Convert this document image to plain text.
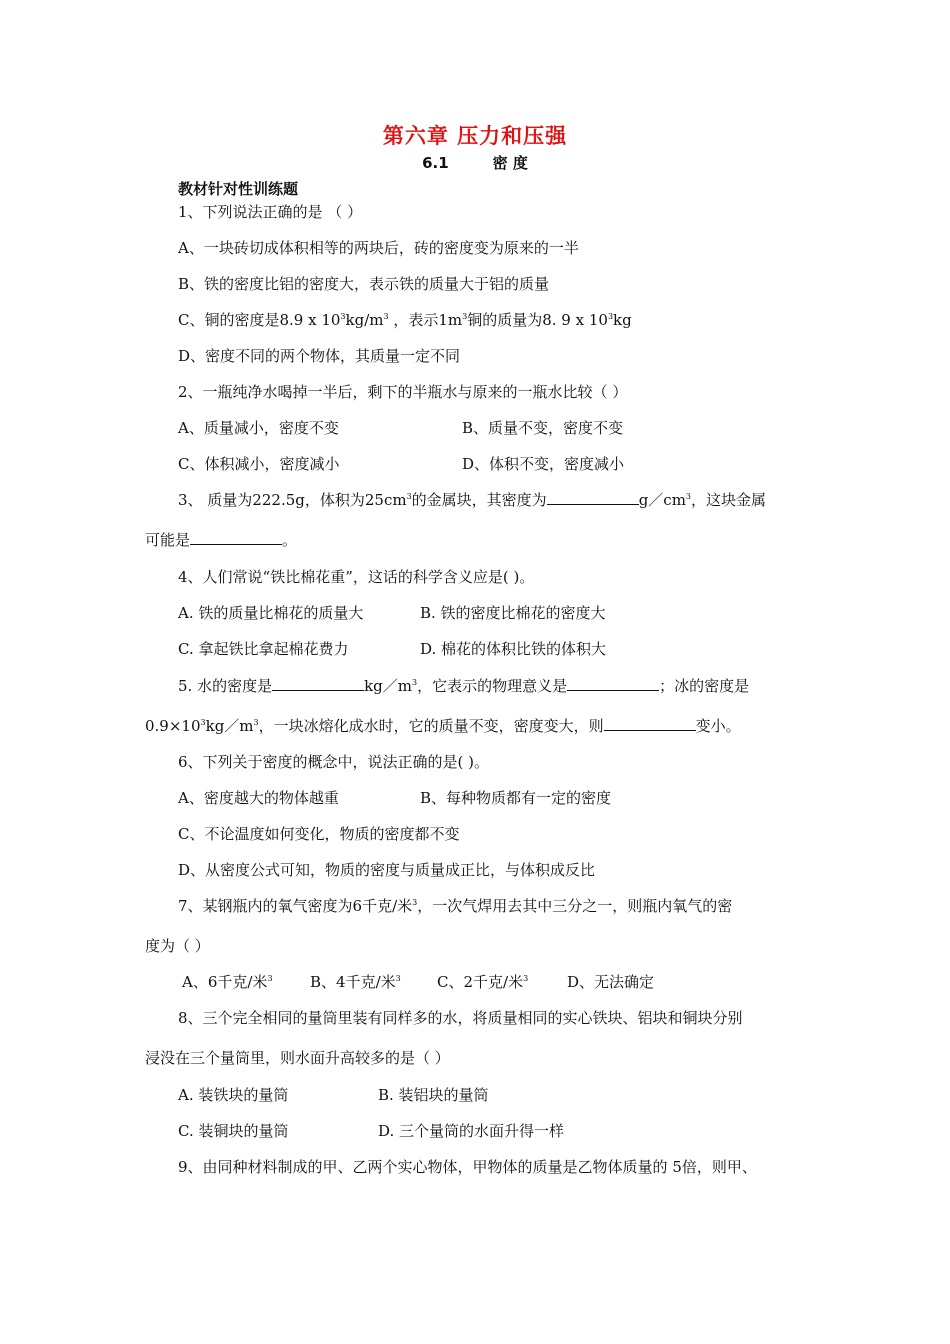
第六章 压力和压强
6.1	密 度
教材针对性训练题
1、下列说法正确的是 （ ）
A、一块砖切成体积相等的两块后，砖的密度变为原来的一半
B、铁的密度比铝的密度大，表示铁的质量大于铝的质量
C、铜的密度是8.9 x $10^3kg/m^3$ ，表示$1m^3$铜的质量为8. 9 x $10^3kg$
D、密度不同的两个物体，其质量一定不同
2、一瓶纯净水喝掉一半后，剩下的半瓶水与原来的一瓶水比较（ ）
A、质量减小，密度不变	B、质量不变，密度不变
C、体积减小，密度减小	D、体积不变，密度减小
3、 质量为222.5g，体积为$25cm^3$的金属块，其密度为	$g/cm^3$，这块金属
可能是	。
4、人们常说“铁比棉花重”，这话的科学含义应是( )。
A. 铁的质量比棉花的质量大	B. 铁的密度比棉花的密度大
C. 拿起铁比拿起棉花费力	D. 棉花的体积比铁的体积大
5. 水的密度是	$kg/m^3$，它表示的物理意义是	；冰的密度是
$0.9\times 10^3kg/m^3$，一块冰熔化成水时，它的质量不变，密度变大，则	变小。
6、下列关于密度的概念中，说法正确的是( )。
A、密度越大的物体越重	B、每种物质都有一定的密度
C、不论温度如何变化，物质的密度都不变
D、从密度公式可知，物质的密度与质量成正比，与体积成反比
7、某钢瓶内的氧气密度为6千克/米$^3$，一次气焊用去其中三分之一，则瓶内氧气的密
度为（ ）
A、6千克/米$^3$ B、4千克/米$^3$ C、2千克/米$^3$	D、无法确定
8、三个完全相同的量筒里装有同样多的水，将质量相同的实心铁块、铝块和铜块分别
浸没在三个量筒里，则水面升高较多的是（ ）
A. 装铁块的量筒	B. 装铝块的量筒
C. 装铜块的量筒	D. 三个量筒的水面升得一样
9、由同种材料制成的甲、乙两个实心物体，甲物体的质量是乙物体质量的 5倍，则甲、
